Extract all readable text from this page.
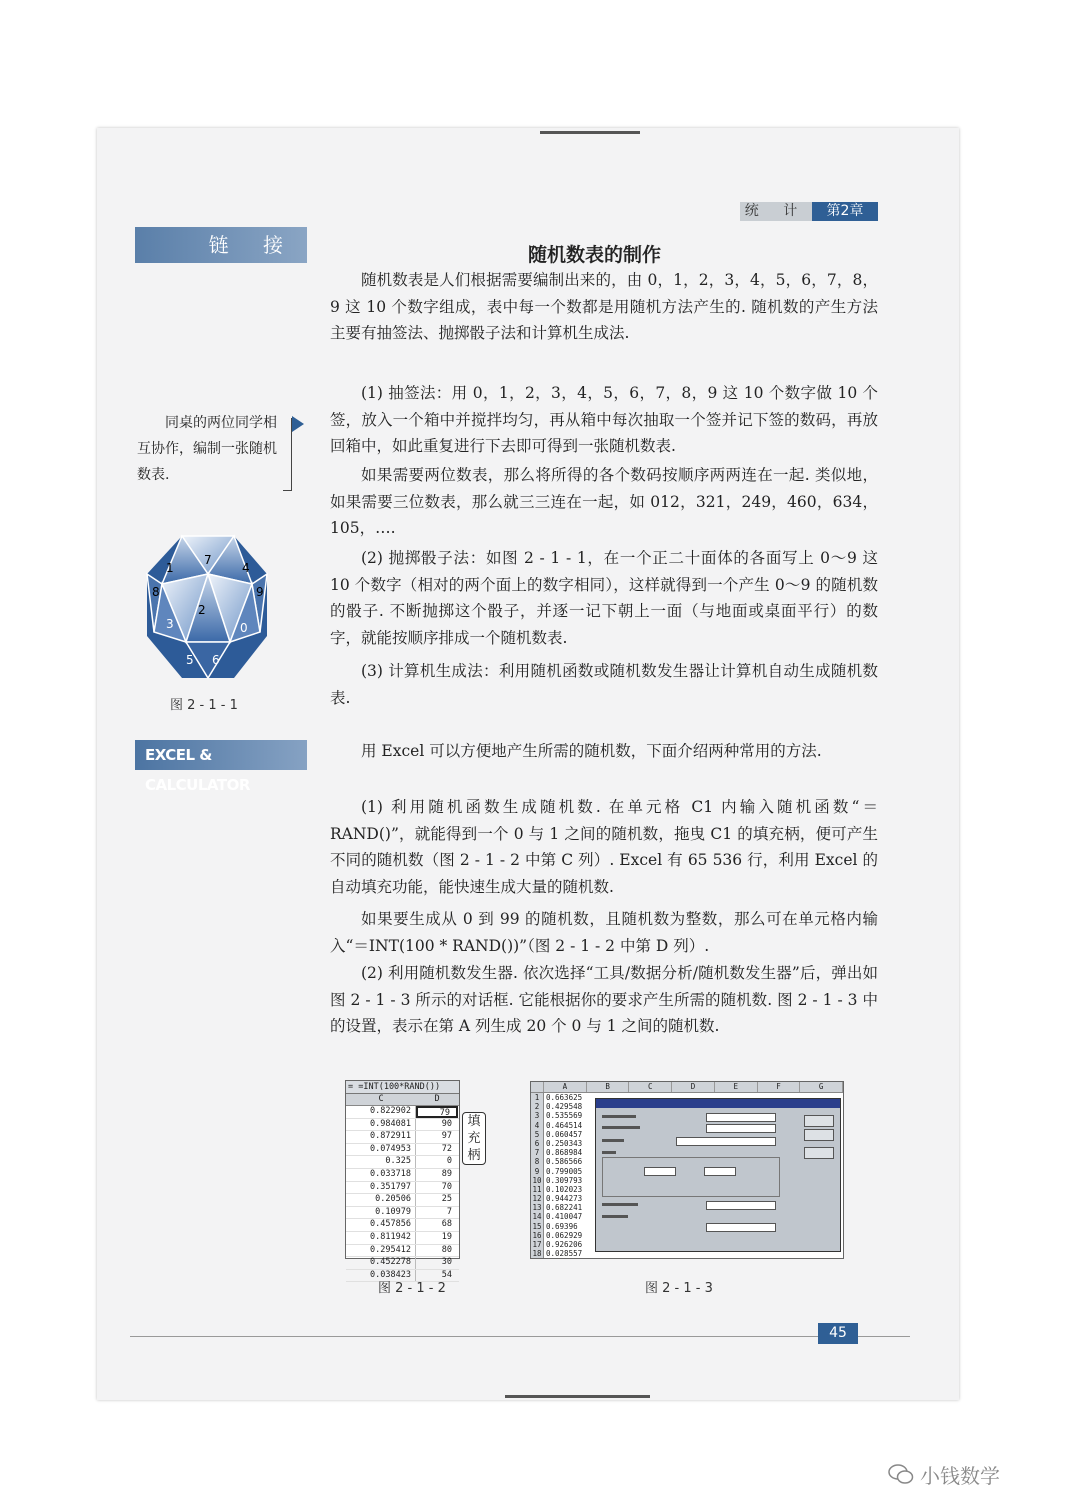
统 计	第2章
链 接
同桌的两位同学相互协作，编制一张随机数表.
7
1	4
8	9
2
3	0
5 6
图 2 - 1 - 1
EXCEL & CALCULATOR
随机数表的制作
随机数表是人们根据需要编制出来的，由 0，1，2，3，4，5，6，7，8，9 这 10 个数字组成，表中每一个数都是用随机方法产生的. 随机数的产生方法主要有抽签法、抛掷骰子法和计算机生成法.
(1) 抽签法：用 0，1，2，3，4，5，6，7，8，9 这 10 个数字做 10 个签，放入一个箱中并搅拌均匀，再从箱中每次抽取一个签并记下签的数码，再放回箱中，如此重复进行下去即可得到一张随机数表.
如果需要两位数表，那么将所得的各个数码按顺序两两连在一起. 类似地，如果需要三位数表，那么就三三连在一起，如 012，321，249，460，634，105，….
(2) 抛掷骰子法：如图 2 - 1 - 1，在一个正二十面体的各面写上 0～9 这 10 个数字（相对的两个面上的数字相同），这样就得到一个产生 0～9 的随机数的骰子. 不断抛掷这个骰子，并逐一记下朝上一面（与地面或桌面平行）的数字，就能按顺序排成一个随机数表.
(3) 计算机生成法：利用随机函数或随机数发生器让计算机自动生成随机数表.
用 Excel 可以方便地产生所需的随机数，下面介绍两种常用的方法.
(1) 利用随机函数生成随机数. 在单元格 C1 内输入随机函数“＝RAND()”，就能得到一个 0 与 1 之间的随机数，拖曳 C1 的填充柄，便可产生不同的随机数（图 2 - 1 - 2 中第 C 列）. Excel 有 65 536 行，利用 Excel 的自动填充功能，能快速生成大量的随机数.
如果要生成从 0 到 99 的随机数，且随机数为整数，那么可在单元格内输入“＝INT(100 * RAND())”（图 2 - 1 - 2 中第 D 列）.
(2) 利用随机数发生器. 依次选择“工具/数据分析/随机数发生器”后，弹出如图 2 - 1 - 3 所示的对话框. 它能根据你的要求产生所需的随机数. 图 2 - 1 - 3 中的设置，表示在第 A 列生成 20 个 0 与 1 之间的随机数.
= =INT(100*RAND())
C	D
0.822902	79
0.984081	90
0.872911	97
0.074953	72
0.325	0
0.033718	89
0.351797	70
0.20506	25
0.10979	7
0.457856	68
0.811942	19
0.295412	80
0.452278	30
0.038423	54
填充柄
图 2 - 1 - 2
A	B	C	D	E	F	G
1 0.663625
2 0.429548
3 0.535569
4 0.464514
5 0.060457
6 0.250343
7 0.868984
8 0.586566
9 0.799005
10 0.309793
11 0.102023
12 0.944273
13 0.682241
14 0.410047
15 0.69396
16 0.062929
17 0.926206
18 0.028557
图 2 - 1 - 3
45
小钱数学
